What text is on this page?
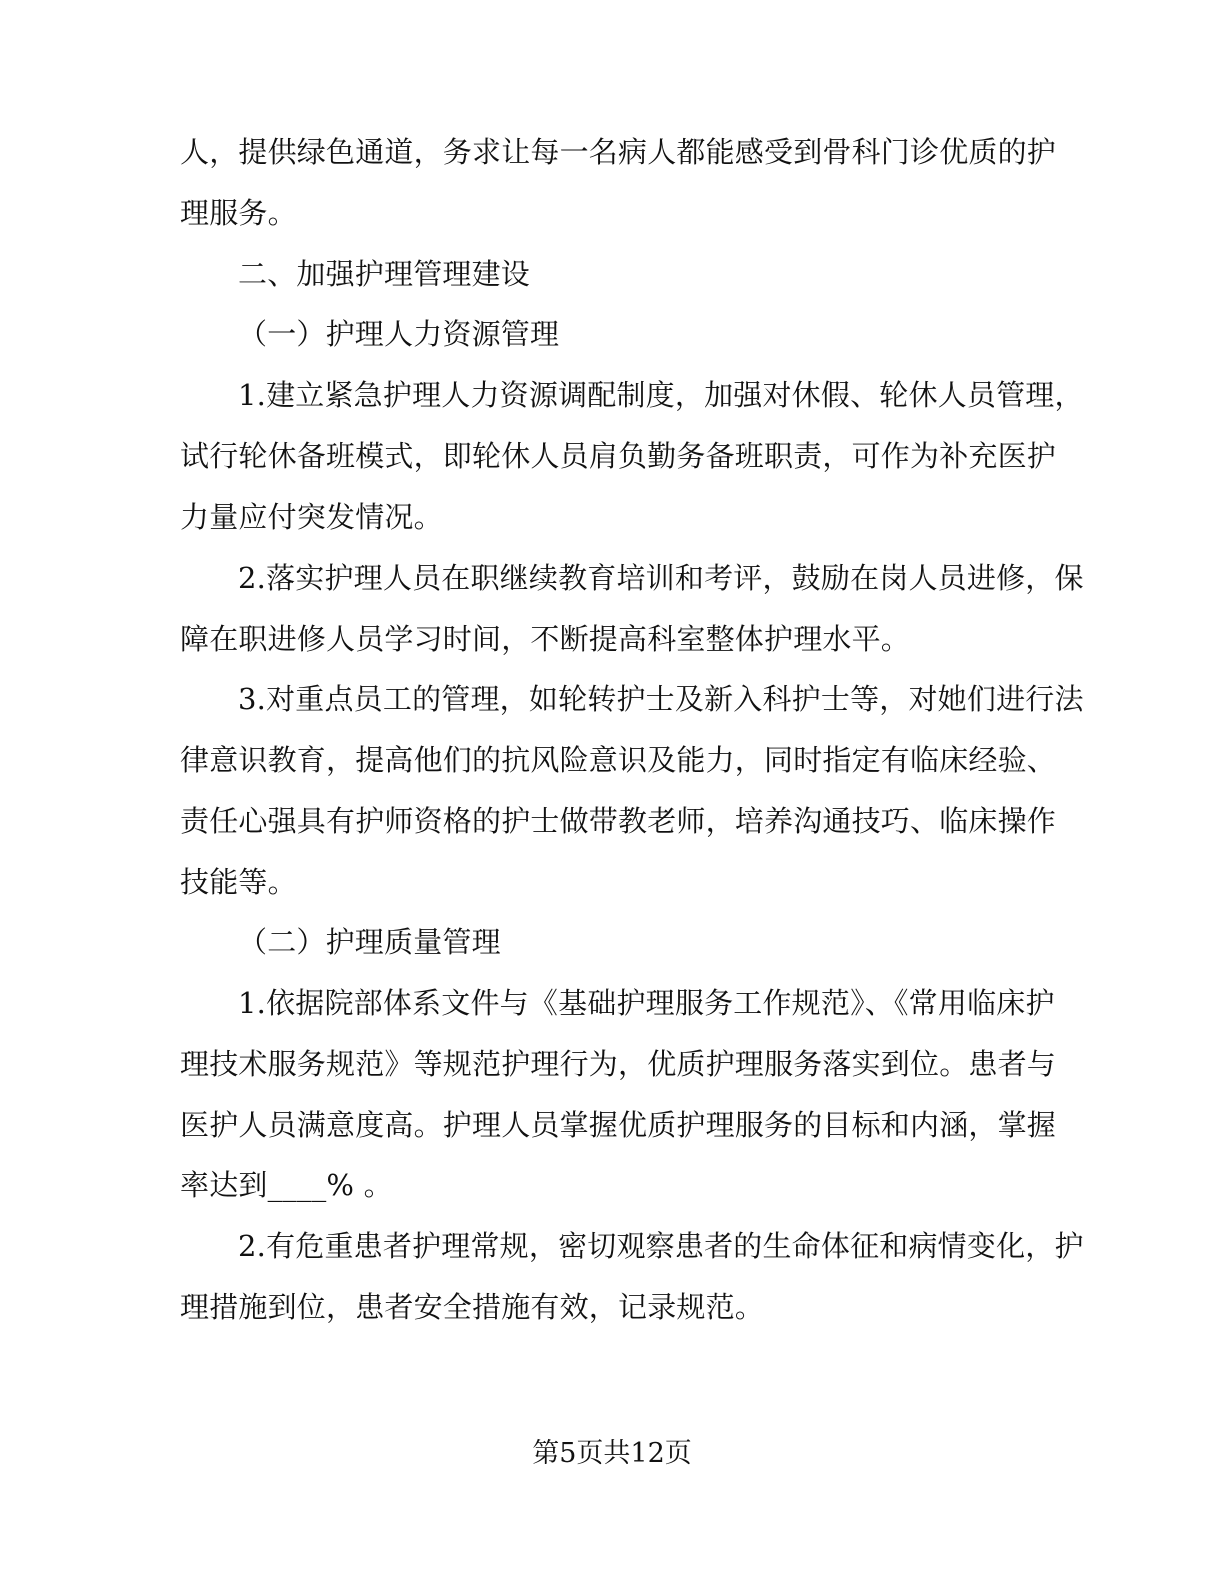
人，提供绿色通道，务求让每一名病人都能感受到骨科门诊优质的护
理服务。
二、加强护理管理建设
（一）护理人力资源管理
1.建立紧急护理人力资源调配制度，加强对休假、轮休人员管理，
试行轮休备班模式，即轮休人员肩负勤务备班职责，可作为补充医护
力量应付突发情况。
2.落实护理人员在职继续教育培训和考评，鼓励在岗人员进修，保
障在职进修人员学习时间，不断提高科室整体护理水平。
3.对重点员工的管理，如轮转护士及新入科护士等，对她们进行法
律意识教育，提高他们的抗风险意识及能力，同时指定有临床经验、
责任心强具有护师资格的护士做带教老师，培养沟通技巧、临床操作
技能等。
（二）护理质量管理
1.依据院部体系文件与《基础护理服务工作规范》、《常用临床护
理技术服务规范》等规范护理行为，优质护理服务落实到位。患者与
医护人员满意度高。护理人员掌握优质护理服务的目标和内涵，掌握
率达到____% 。
2.有危重患者护理常规，密切观察患者的生命体征和病情变化，护
理措施到位，患者安全措施有效，记录规范。
第5页共12页
